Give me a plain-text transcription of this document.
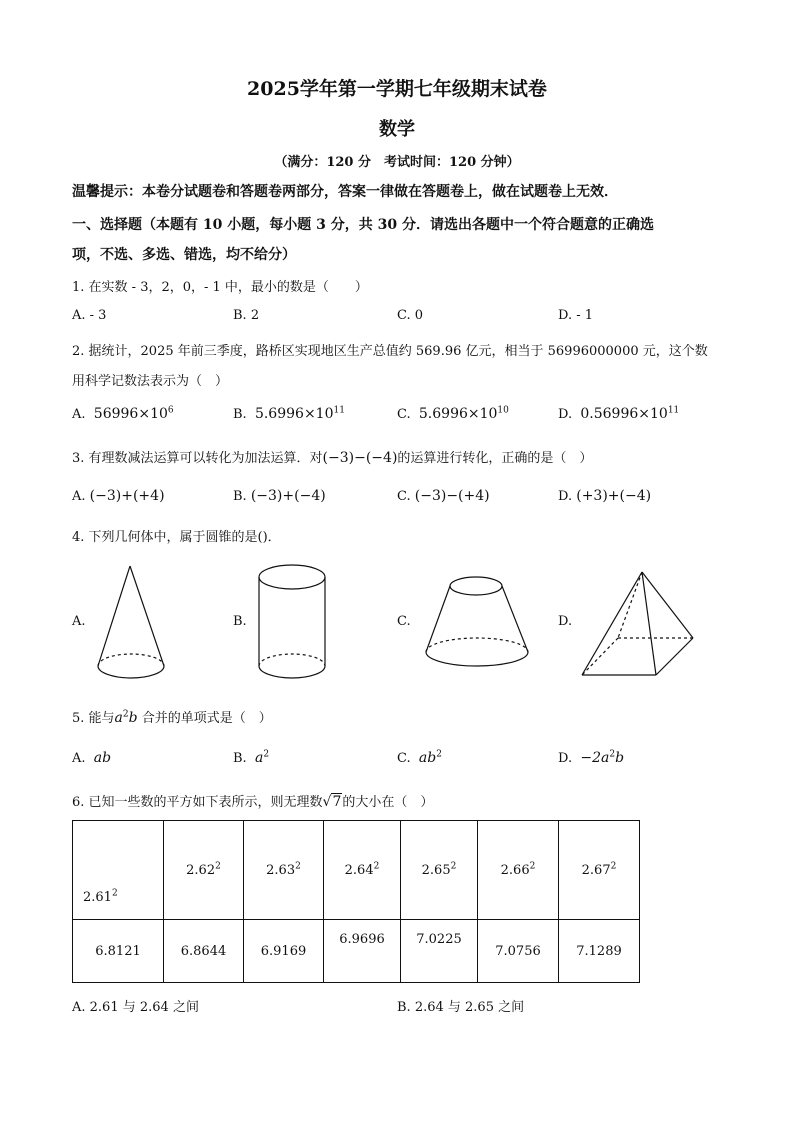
2025学年第一学期七年级期末试卷
数学
（满分：120 分　考试时间：120 分钟）
温馨提示：本卷分试题卷和答题卷两部分，答案一律做在答题卷上，做在试题卷上无效．
一、选择题（本题有 10 小题，每小题 3 分，共 30 分．请选出各题中一个符合题意的正确选
项，不选、多选、错选，均不给分）
1. 在实数 - 3，2，0，- 1 中，最小的数是（　　）
A. - 3	B. 2	C. 0	D. - 1
2. 据统计，2025 年前三季度，路桥区实现地区生产总值约 569.96 亿元，相当于 56996000000 元，这个数
用科学记数法表示为（　）
A. $56996\times 10^6$	B. $5.6996\times 10^{11}$	C. $5.6996\times 10^{10}$	D. $0.56996\times 10^{11}$
3. 有理数减法运算可以转化为加法运算．对(−3)−(−4)的运算进行转化，正确的是（　）
A. (−3)+(+4)	B. (−3)+(−4)	C. (−3)−(+4)	D. (+3)+(−4)
4. 下列几何体中，属于圆锥的是()．
A.	B.	C.	D.
5. 能与$a^2b$ 合并的单项式是（　）
A. ab	B. $a^2$	C. $ab^2$	D. $-2a^2b$
6. 已知一些数的平方如下表所示，则无理数√7的大小在（　）
2.61$^2$	2.62$^2$	2.63$^2$	2.64$^2$	2.65$^2$	2.66$^2$	2.67$^2$
6.8121	6.8644	6.9169	6.9696	7.0225	7.0756	7.1289
A. 2.61 与 2.64 之间	B. 2.64 与 2.65 之间
